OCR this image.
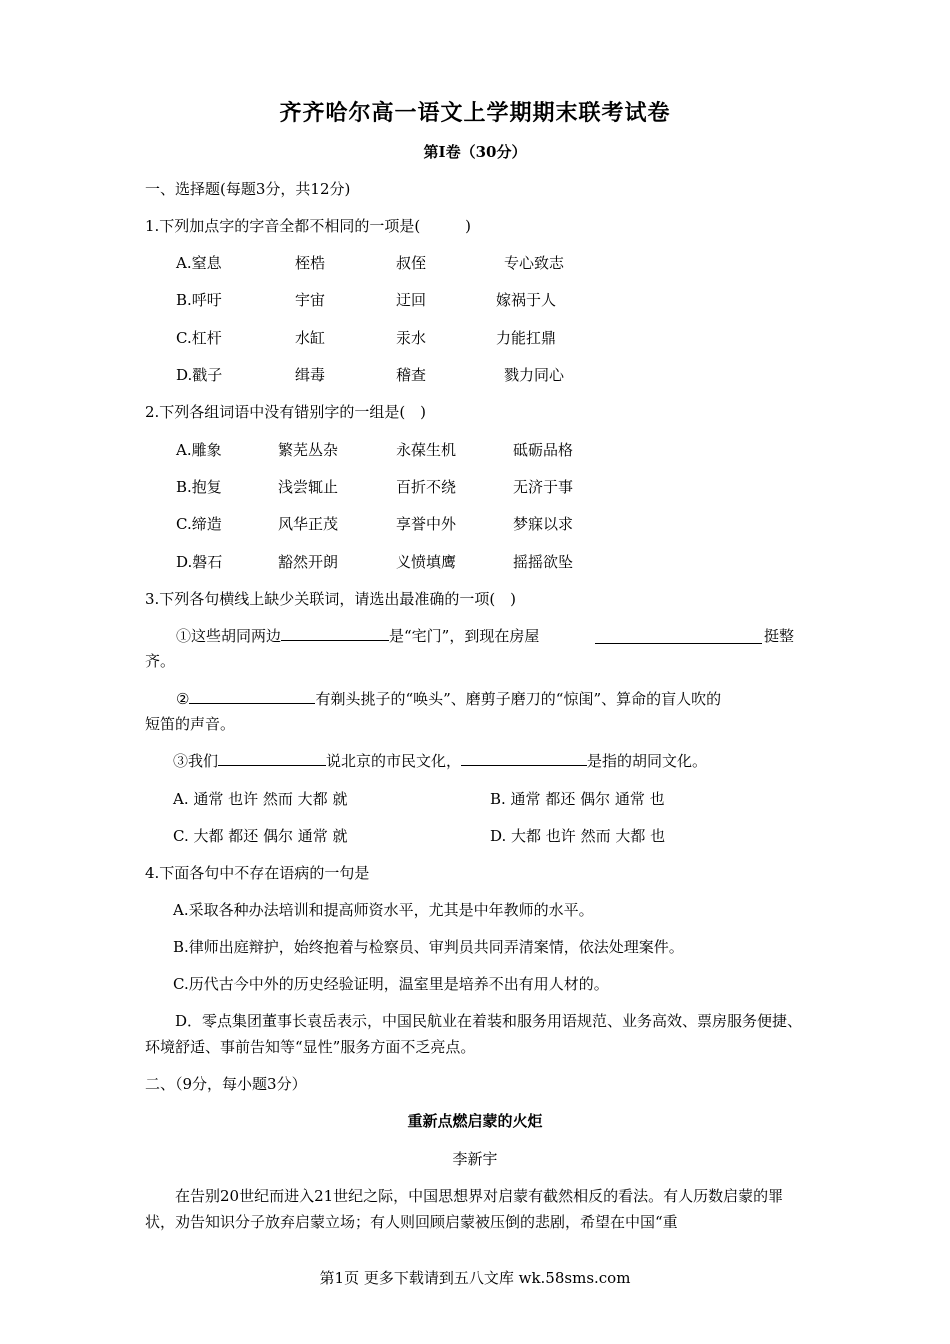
齐齐哈尔高一语文上学期期末联考试卷
第Ⅰ卷（30分）
一、选择题(每题3分，共12分)
1.下列加点字的字音全都不相同的一项是(　　　)
A.窒息	桎梏	叔侄	专心致志
B.呼吁	宇宙	迂回	嫁祸于人
C.杠杆	水缸	汞水	力能扛鼎
D.戳子	缉毒	稽查	戮力同心
2.下列各组词语中没有错别字的一组是(　)
A.雕象	繁芜丛杂	永葆生机	砥砺品格
B.抱复	浅尝辄止	百折不绕	无济于事
C.缔造	风华正茂	享誉中外	梦寐以求
D.磐石	豁然开朗	义愤填鹰	摇摇欲坠
3.下列各句横线上缺少关联词，请选出最准确的一项(　)
①这些胡同两边	是“宅门”，到现在房屋	挺整
齐。
②	有剃头挑子的“唤头”、磨剪子磨刀的“惊闺”、算命的盲人吹的
短笛的声音。
③我们	说北京的市民文化，	是指的胡同文化。
A. 通常 也许 然而 大都 就	B. 通常 都还 偶尔 通常 也
C. 大都 都还 偶尔 通常 就	D. 大都 也许 然而 大都 也
4.下面各句中不存在语病的一句是
A.采取各种办法培训和提高师资水平，尤其是中年教师的水平。
B.律师出庭辩护，始终抱着与检察员、审判员共同弄清案情，依法处理案件。
C.历代古今中外的历史经验证明，温室里是培养不出有用人材的。
D．零点集团董事长袁岳表示，中国民航业在着装和服务用语规范、业务高效、票房服务便捷、环境舒适、事前告知等“显性”服务方面不乏亮点。
二、（9分，每小题3分）
重新点燃启蒙的火炬
李新宇
在告别20世纪而进入21世纪之际，中国思想界对启蒙有截然相反的看法。有人历数启蒙的罪状，劝告知识分子放弃启蒙立场；有人则回顾启蒙被压倒的悲剧，希望在中国“重
第1页 更多下载请到五八文库 wk.58sms.com
